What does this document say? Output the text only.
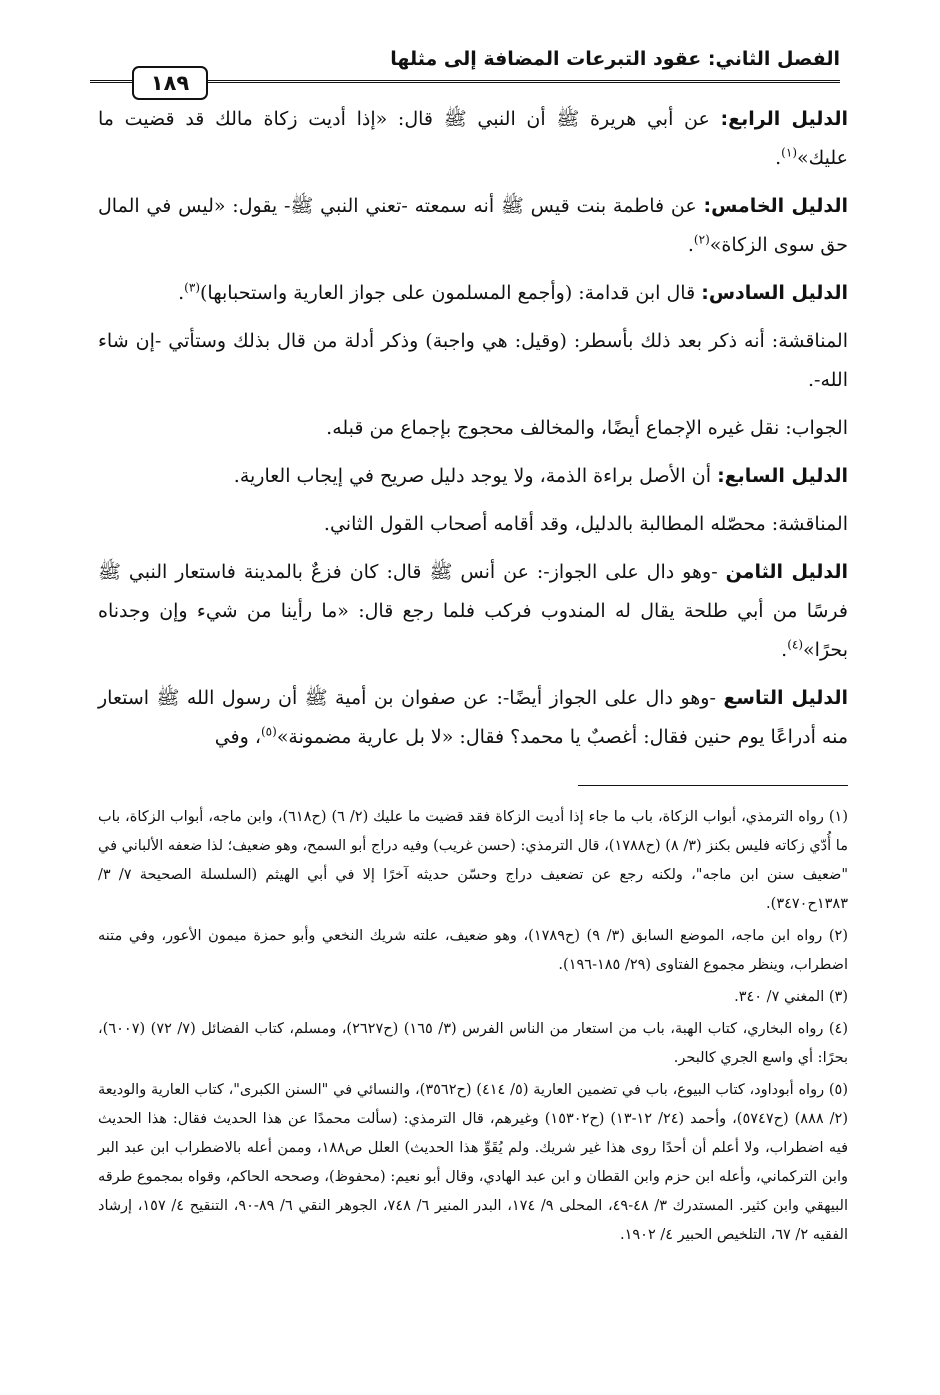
الفصل الثاني: عقود التبرعات المضافة إلى مثلها
١٨٩

الدليل الرابع: عن أبي هريرة ﷺ أن النبي ﷺ قال: «إذا أديت زكاة مالك قد قضيت ما عليك»$^{(١)}$.

الدليل الخامس: عن فاطمة بنت قيس ﷺ أنه سمعته -تعني النبي ﷺ- يقول: «ليس في المال حق سوى الزكاة»$^{(٢)}$.

الدليل السادس: قال ابن قدامة: (وأجمع المسلمون على جواز العارية واستحبابها)$^{(٣)}$.

المناقشة: أنه ذكر بعد ذلك بأسطر: (وقيل: هي واجبة) وذكر أدلة من قال بذلك وستأتي -إن شاء الله-.

الجواب: نقل غيره الإجماع أيضًا، والمخالف محجوج بإجماع من قبله.

الدليل السابع: أن الأصل براءة الذمة، ولا يوجد دليل صريح في إيجاب العارية.

المناقشة: محصّله المطالبة بالدليل، وقد أقامه أصحاب القول الثاني.

الدليل الثامن -وهو دال على الجواز-: عن أنس ﷺ قال: كان فزعٌ بالمدينة فاستعار النبي ﷺ فرسًا من أبي طلحة يقال له المندوب فركب فلما رجع قال: «ما رأينا من شيء وإن وجدناه بحرًا»$^{(٤)}$.

الدليل التاسع -وهو دال على الجواز أيضًا-: عن صفوان بن أمية ﷺ أن رسول الله ﷺ استعار منه أدراعًا يوم حنين فقال: أغصبٌ يا محمد؟ فقال: «لا بل عارية مضمونة»$^{(٥)}$، وفي

(١) رواه الترمذي، أبواب الزكاة، باب ما جاء إذا أديت الزكاة فقد قضيت ما عليك (٢/ ٦) (ح٦١٨)، وابن ماجه، أبواب الزكاة، باب ما أُدّي زكاته فليس بكنز (٣/ ٨) (ح١٧٨٨)، قال الترمذي: (حسن غريب) وفيه دراج أبو السمح، وهو ضعيف؛ لذا ضعفه الألباني في "ضعيف سنن ابن ماجه"، ولكنه رجع عن تضعيف دراج وحسّن حديثه آخرًا إلا في أبي الهيثم (السلسلة الصحيحة ٧/ ٣/ ١٣٨٣ح٣٤٧٠).

(٢) رواه ابن ماجه، الموضع السابق (٣/ ٩) (ح١٧٨٩)، وهو ضعيف، علته شريك النخعي وأبو حمزة ميمون الأعور، وفي متنه اضطراب، وينظر مجموع الفتاوى (٢٩/ ١٨٥-١٩٦).

(٣) المغني ٧/ ٣٤٠.

(٤) رواه البخاري، كتاب الهبة، باب من استعار من الناس الفرس (٣/ ١٦٥) (ح٢٦٢٧)، ومسلم، كتاب الفضائل (٧/ ٧٢) (٦٠٠٧)، بحرًا: أي واسع الجري كالبحر.

(٥) رواه أبوداود، كتاب البيوع، باب في تضمين العارية (٥/ ٤١٤) (ح٣٥٦٢)، والنسائي في "السنن الكبرى"، كتاب العارية والوديعة (٢/ ٨٨٨) (ح٥٧٤٧)، وأحمد (٢٤/ ١٢-١٣) (ح١٥٣٠٢) وغيرهم، قال الترمذي: (سألت محمدًا عن هذا الحديث فقال: هذا الحديث فيه اضطراب، ولا أعلم أن أحدًا روى هذا غير شريك. ولم يُقَوِّ هذا الحديث) العلل ص١٨٨، وممن أعله بالاضطراب ابن عبد البر وابن التركماني، وأعله ابن حزم وابن القطان و ابن عبد الهادي، وقال أبو نعيم: (محفوظ)، وصححه الحاكم، وقواه بمجموع طرقه البيهقي وابن كثير. المستدرك ٣/ ٤٨-٤٩، المحلى ٩/ ١٧٤، البدر المنير ٦/ ٧٤٨، الجوهر النقي ٦/ ٨٩-٩٠، التنقيح ٤/ ١٥٧، إرشاد الفقيه ٢/ ٦٧، التلخيص الحبير ٤/ ١٩٠٢.
